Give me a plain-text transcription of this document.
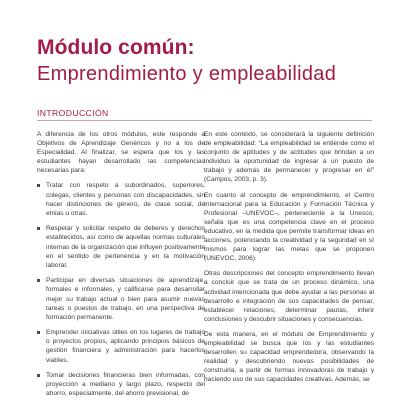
Módulo común:
Emprendimiento y empleabilidad
INTRODUCCIÓN

A diferencia de los otros módulos, este responde a Objetivos de Aprendizaje Genéricos y no a los de Especialidad. Al finalizar, se espera que los y las estudiantes hayan desarrollado las competencias necesarias para:

Tratar con respeto a subordinados, superiores, colegas, clientes y personas con discapacidades, sin hacer distinciones de género, de clase social, de etnias u otras.
Respetar y solicitar respeto de deberes y derechos establecidos, así como de aquellas normas culturales internas de la organización que influyen positivamente en el sentido de pertenencia y en la motivación laboral.
Participar en diversas situaciones de aprendizaje, formales e informales, y calificarse para desarrollar mejor su trabajo actual o bien para asumir nuevas tareas o puestos de trabajo, en una perspectiva de formación permanente.
Emprender iniciativas útiles en los lugares de trabajo o proyectos propios, aplicando principios básicos de gestión financiera y administración para hacerlos viables.
Tomar decisiones financieras bien informadas, con proyección a mediano y largo plazo, respecto del ahorro, especialmente, del ahorro previsional, de

En este contexto, se considerará la siguiente definición de empleabilidad: “La empleabilidad se entiende como el conjunto de aptitudes y de actitudes que brindan a un individuo la oportunidad de ingresar a un puesto de trabajo y además de permanecer y progresar en él” (Campos, 2003, p. 3).

En cuanto al concepto de emprendimiento, el Centro Internacional para la Educación y Formación Técnica y Profesional –UNEVOC–, perteneciente a la Unesco, señala que es una competencia clave en el proceso educativo, en la medida que permite transformar ideas en acciones, potenciando la creatividad y la seguridad en sí mismos para lograr las metas que se proponen (UNEVOC, 2006).

Otras descripciones del concepto emprendimiento llevan a concluir que se trata de un proceso dinámico, una actividad intencionada que debe ayudar a las personas al desarrollo e integración de sus capacidades de pensar, establecer relaciones, determinar pautas, inferir conclusiones y descubrir situaciones y consecuencias.

De esta manera, en el módulo de Emprendimiento y empleabilidad se busca que los y las estudiantes desarrollen su capacidad emprendedora, observando la realidad y descubriendo nuevas posibilidades de construirla, a partir de formas innovadoras de trabajo y haciendo uso de sus capacidades creativas. Además, se
